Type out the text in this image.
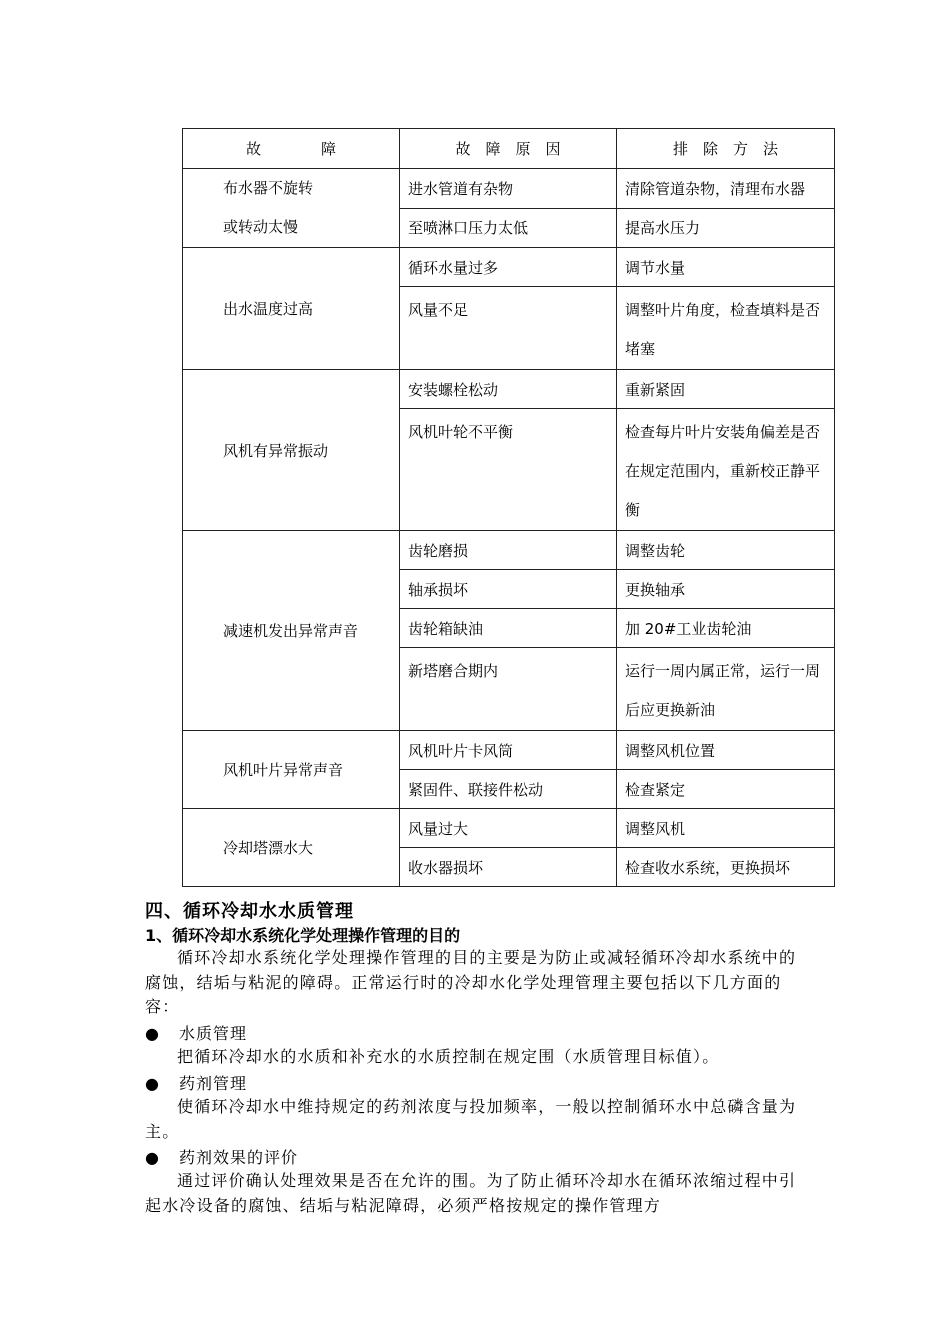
故　　　　障	故　障　原　因	排　除　方　法
布水器不旋转
或转动太慢	进水管道有杂物	清除管道杂物，清理布水器
	至喷淋口压力太低	提高水压力
出水温度过高	循环水量过多	调节水量
	风量不足	调整叶片角度，检查填料是否堵塞
风机有异常振动	安装螺栓松动	重新紧固
	风机叶轮不平衡	检查每片叶片安装角偏差是否在规定范围内，重新校正静平衡
减速机发出异常声音	齿轮磨损	调整齿轮
	轴承损坏	更换轴承
	齿轮箱缺油	加 20#工业齿轮油
	新塔磨合期内	运行一周内属正常，运行一周后应更换新油
风机叶片异常声音	风机叶片卡风筒	调整风机位置
	紧固件、联接件松动	检查紧定
冷却塔漂水大	风量过大	调整风机
	收水器损坏	检查收水系统，更换损坏
四、循环冷却水水质管理
1、循环冷却水系统化学处理操作管理的目的
循环冷却水系统化学处理操作管理的目的主要是为防止或减轻循环冷却水系统中的腐蚀，结垢与粘泥的障碍。正常运行时的冷却水化学处理管理主要包括以下几方面的容：
● 水质管理
把循环冷却水的水质和补充水的水质控制在规定围（水质管理目标值）。
● 药剂管理
使循环冷却水中维持规定的药剂浓度与投加频率，一般以控制循环水中总磷含量为主。
● 药剂效果的评价
通过评价确认处理效果是否在允许的围。为了防止循环冷却水在循环浓缩过程中引起水冷设备的腐蚀、结垢与粘泥障碍，必须严格按规定的操作管理方
